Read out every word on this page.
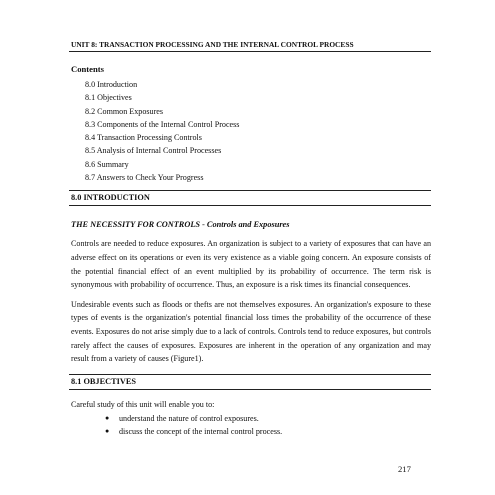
UNIT 8: TRANSACTION PROCESSING AND THE INTERNAL CONTROL PROCESS
Contents
8.0 Introduction
8.1 Objectives
8.2 Common Exposures
8.3 Components of the Internal Control Process
8.4 Transaction Processing Controls
8.5 Analysis of Internal Control Processes
8.6 Summary
8.7 Answers to Check Your Progress
8.0 INTRODUCTION
THE NECESSITY FOR CONTROLS - Controls and Exposures

Controls are needed to reduce exposures. An organization is subject to a variety of exposures that can have an adverse effect on its operations or even its very existence as a viable going concern. An exposure consists of the potential financial effect of an event multiplied by its probability of occurrence. The term risk is synonymous with probability of occurrence. Thus, an exposure is a risk times its financial consequences.

Undesirable events such as floods or thefts are not themselves exposures. An organization's exposure to these types of events is the organization's potential financial loss times the probability of the occurrence of these events. Exposures do not arise simply due to a lack of controls. Controls tend to reduce exposures, but controls rarely affect the causes of exposures. Exposures are inherent in the operation of any organization and may result from a variety of causes (Figure1).

8.1 OBJECTIVES
Careful study of this unit will enable you to:
● understand the nature of control exposures.
● discuss the concept of the internal control process.
217
